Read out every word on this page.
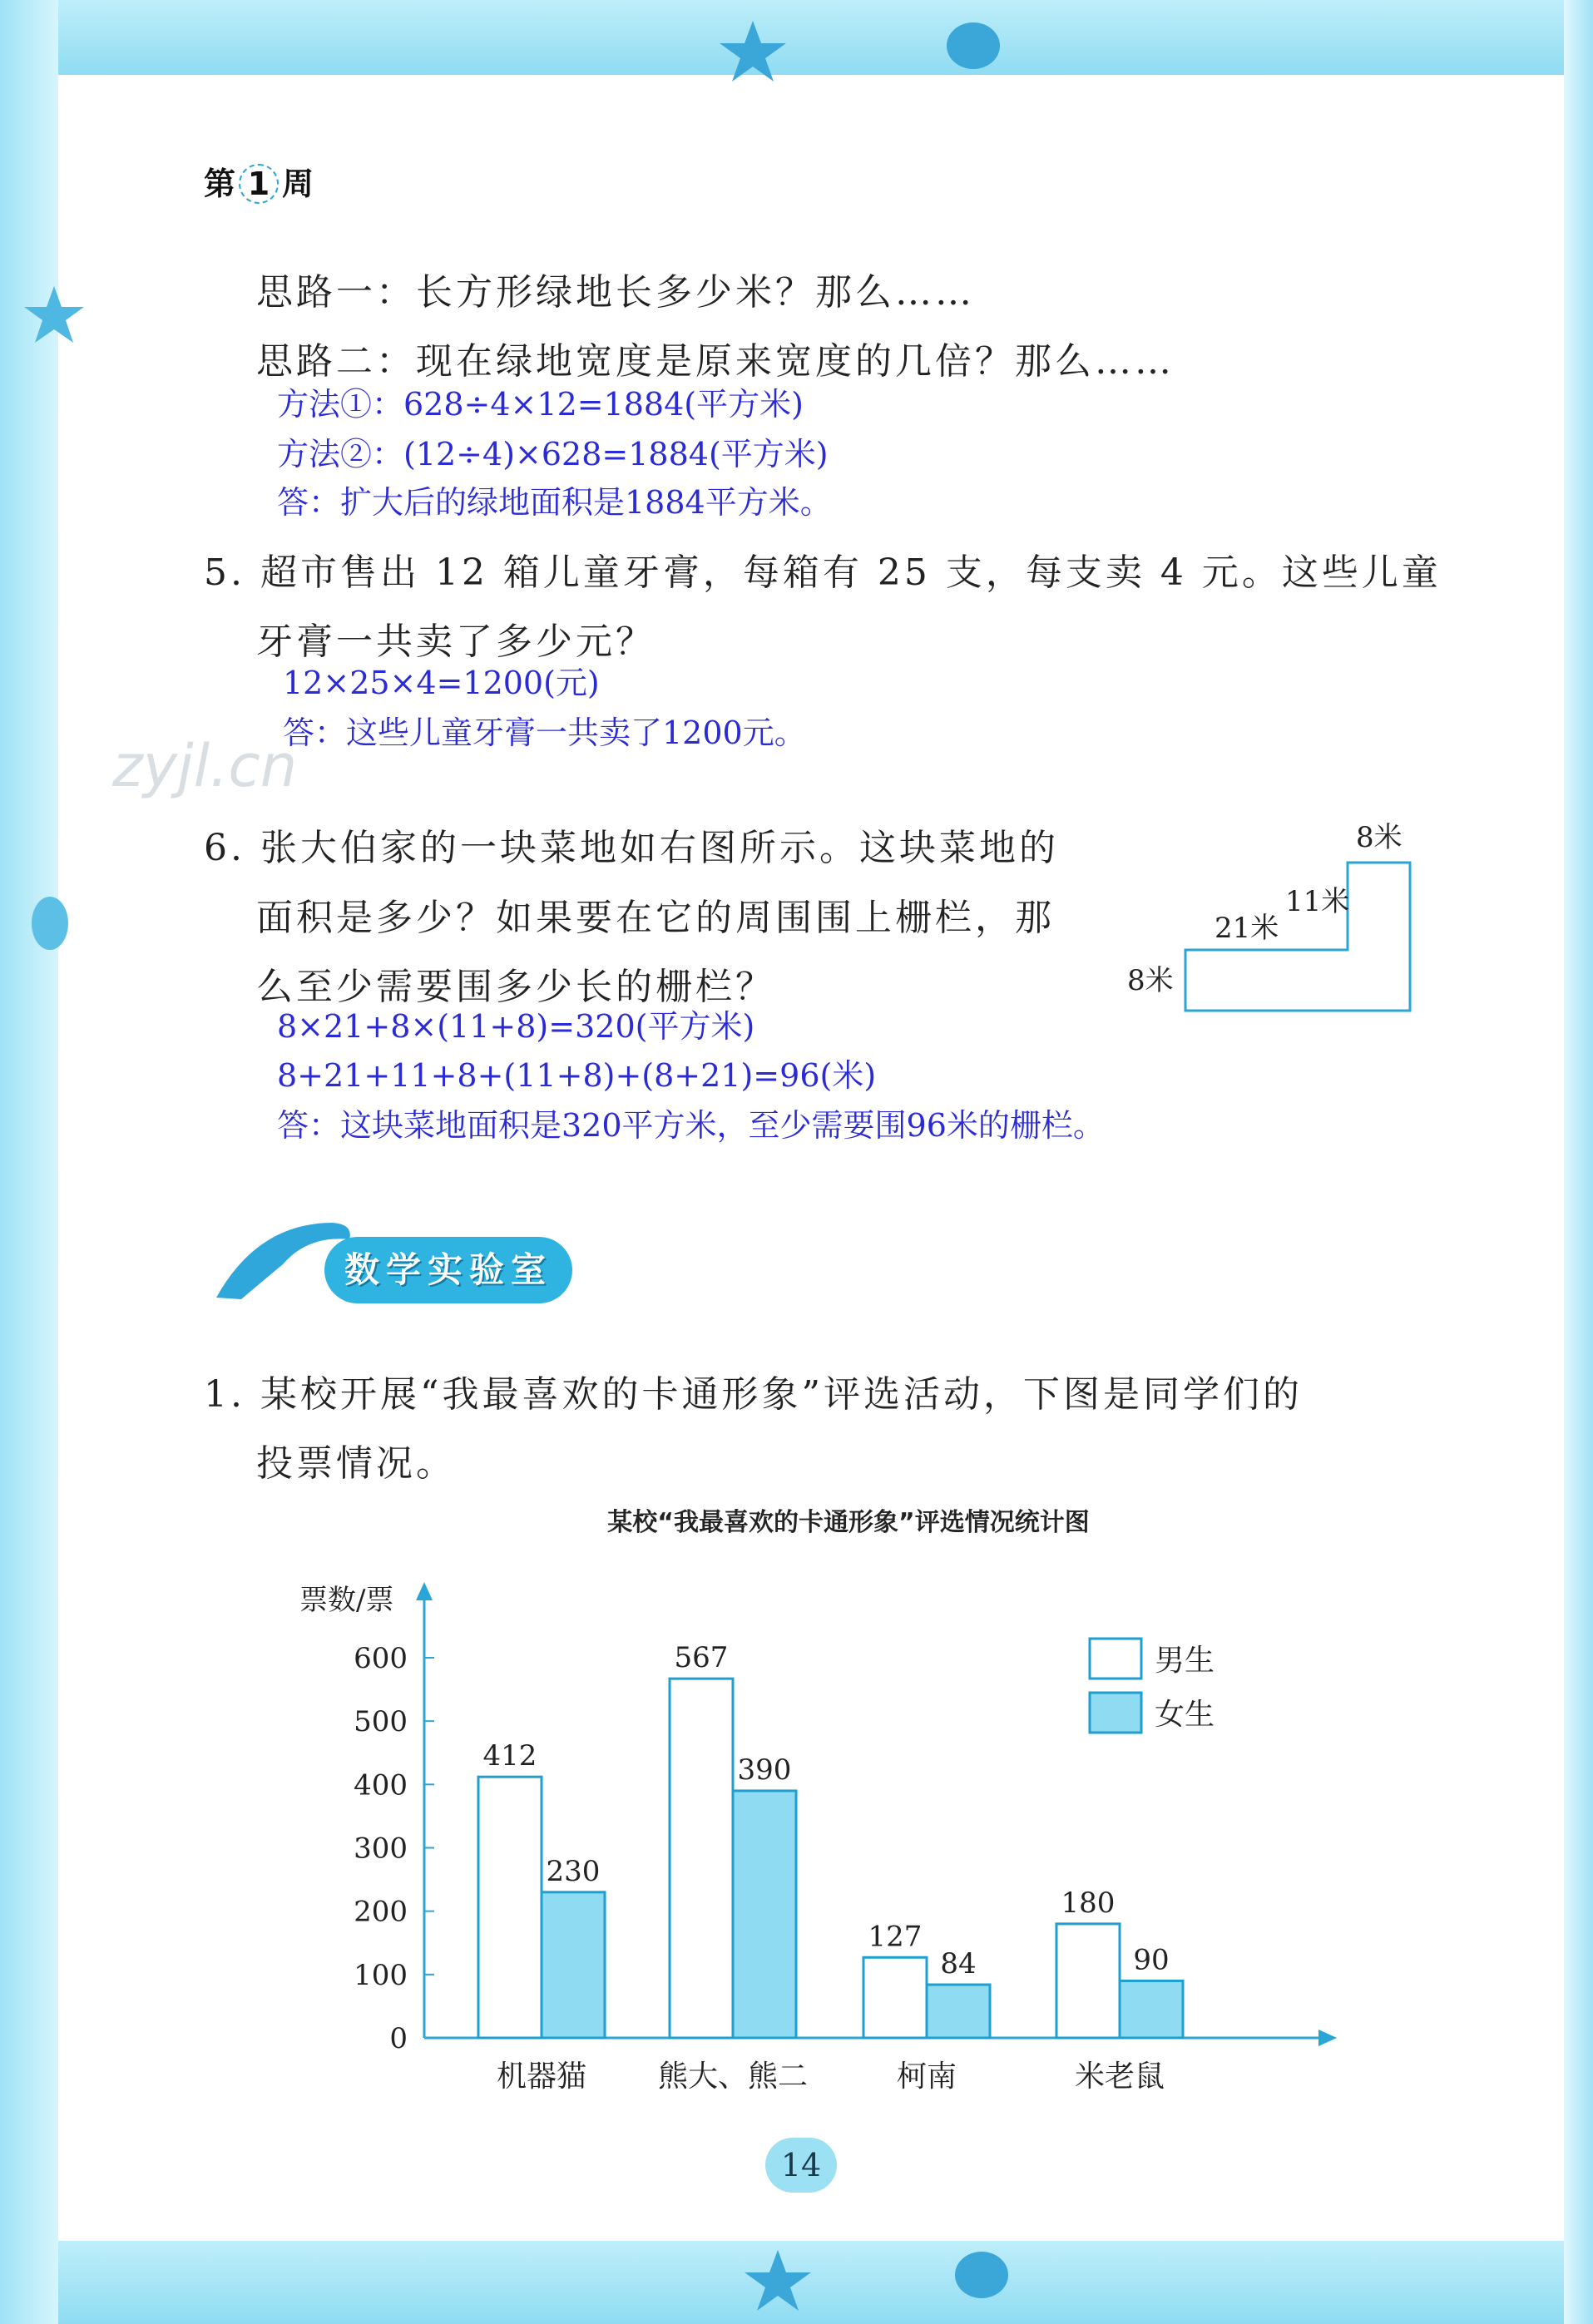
第 1 周
思路一：长方形绿地长多少米？那么……
思路二：现在绿地宽度是原来宽度的几倍？那么……
方法①：628÷4×12=1884(平方米)
方法②：(12÷4)×628=1884(平方米)
答：扩大后的绿地面积是1884平方米。
5. 超市售出 12 箱儿童牙膏，每箱有 25 支，每支卖 4 元。这些儿童
牙膏一共卖了多少元？
12×25×4=1200(元)
答：这些儿童牙膏一共卖了1200元。
zyjl.cn
6. 张大伯家的一块菜地如右图所示。这块菜地的
面积是多少？如果要在它的周围围上栅栏，那
么至少需要围多少长的栅栏？
8米
11米
21米
8米
8×21+8×(11+8)=320(平方米)
8+21+11+8+(11+8)+(8+21)=96(米)
答：这块菜地面积是320平方米，至少需要围96米的栅栏。
数学实验室
1. 某校开展“我最喜欢的卡通形象”评选活动，下图是同学们的
投票情况。
某校“我最喜欢的卡通形象”评选情况统计图
票数/票
0
100
200
300
400
500
600
412
230
机器猫
567
390
熊大、熊二
127
84
柯南
180
90
米老鼠
男生
女生
14
